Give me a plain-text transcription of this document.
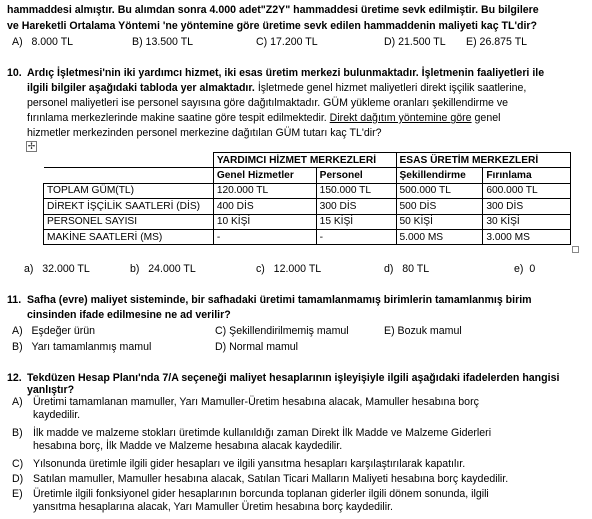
hammaddesi almıştır. Bu alımdan sonra 4.000 adet"Z2Y" hammaddesi üretime sevk edilmiştir. Bu bilgilere
ve Hareketli Ortalama Yöntemi 'ne yöntemine göre üretime sevk edilen hammaddenin maliyeti kaç TL'dir?
A) 8.000 TL	B) 13.500 TL	C) 17.200 TL	D) 21.500 TL E) 26.875 TL
10. Ardıç İşletmesi'nin iki yardımcı hizmet, iki esas üretim merkezi bulunmaktadır. İşletmenin faaliyetleri ile
ilgili bilgiler aşağıdaki tabloda yer almaktadır. İşletmede genel hizmet maliyetleri direkt işçilik saatlerine,
personel maliyetleri ise personel sayısına göre dağıtılmaktadır. GÜM yükleme oranları şekillendirme ve
fırınlama merkezlerinde makine saatine göre tespit edilmektedir. Direkt dağıtım yöntemine göre genel
hizmetler merkezinden personel merkezine dağıtılan GÜM tutarı kaç TL'dir?
✢
	YARDIMCI HİZMET MERKEZLERİ		ESAS ÜRETİM MERKEZLERİ	
	Genel Hizmetler	Personel	Şekillendirme	Fırınlama
TOPLAM GÜM(TL)	120.000 TL	150.000 TL	500.000 TL	600.000 TL
DİREKT İŞÇİLİK SAATLERİ (DİS)	400 DİS	300 DİS	500 DİS	300 DİS
PERSONEL SAYISI	10 KİŞİ	15 KİŞİ	50 KİŞİ	30 KİŞİ
MAKİNE SAATLERİ (MS)	-	-	5.000 MS	3.000 MS
a) 32.000 TL	b) 24.000 TL	c) 12.000 TL	d) 80 TL	e) 0
11. Safha (evre) maliyet sisteminde, bir safhadaki üretimi tamamlanmamış birimlerin tamamlanmış birim
cinsinden ifade edilmesine ne ad verilir?
A) Eşdeğer ürün	C) Şekillendirilmemiş mamul	E) Bozuk mamul
B) Yarı tamamlanmış mamul	D) Normal mamul
12. Tekdüzen Hesap Planı'nda 7/A seçeneği maliyet hesaplarının işleyişiyle ilgili aşağıdaki ifadelerden hangisi
yanlıştır?
A) Üretimi tamamlanan mamuller, Yarı Mamuller-Üretim hesabına alacak, Mamuller hesabına borç
kaydedilir.
B) İlk madde ve malzeme stokları üretimde kullanıldığı zaman Direkt İlk Madde ve Malzeme Giderleri
hesabına borç, İlk Madde ve Malzeme hesabına alacak kaydedilir.
C) Yılsonunda üretimle ilgili gider hesapları ve ilgili yansıtma hesapları karşılaştırılarak kapatılır.
D) Satılan mamuller, Mamuller hesabına alacak, Satılan Ticari Malların Maliyeti hesabına borç kaydedilir.
E) Üretimle ilgili fonksiyonel gider hesaplarının borcunda toplanan giderler ilgili dönem sonunda, ilgili
yansıtma hesaplarına alacak, Yarı Mamuller Üretim hesabına borç kaydedilir.
